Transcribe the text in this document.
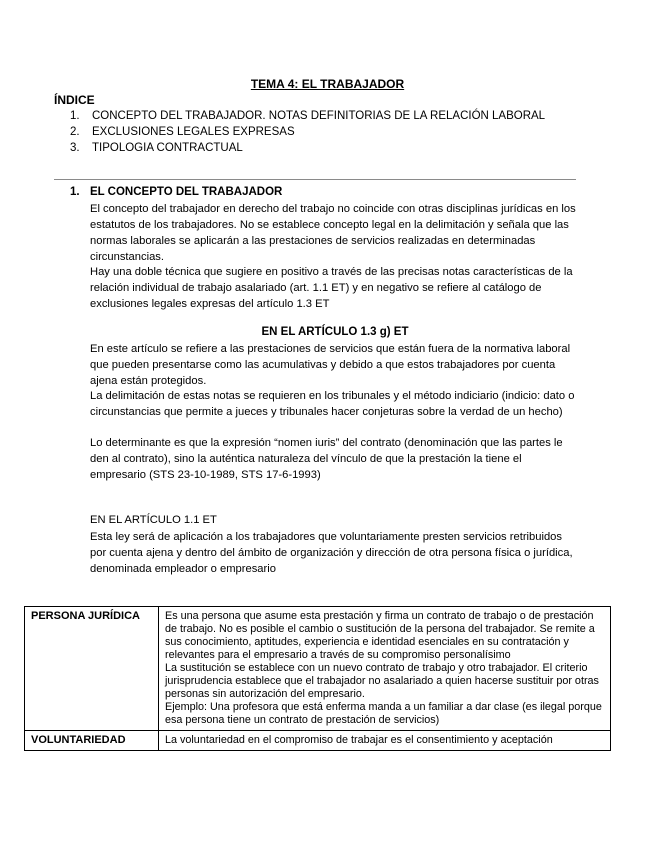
TEMA 4: EL TRABAJADOR
ÍNDICE
1. CONCEPTO DEL TRABAJADOR. NOTAS DEFINITORIAS DE LA RELACIÓN LABORAL
2. EXCLUSIONES LEGALES EXPRESAS
3. TIPOLOGIA CONTRACTUAL
1. EL CONCEPTO DEL TRABAJADOR

El concepto del trabajador en derecho del trabajo no coincide con otras disciplinas jurídicas en los estatutos de los trabajadores. No se establece concepto legal en la delimitación y señala que las normas laborales se aplicarán a las prestaciones de servicios realizadas en determinadas circunstancias.

Hay una doble técnica que sugiere en positivo a través de las precisas notas características de la relación individual de trabajo asalariado (art. 1.1 ET) y en negativo se refiere al catálogo de exclusiones legales expresas del artículo 1.3 ET

EN EL ARTÍCULO 1.3 g) ET

En este artículo se refiere a las prestaciones de servicios que están fuera de la normativa laboral que pueden presentarse como las acumulativas y debido a que estos trabajadores por cuenta ajena están protegidos.

La delimitación de estas notas se requieren en los tribunales y el método indiciario (indicio: dato o circunstancias que permite a jueces y tribunales hacer conjeturas sobre la verdad de un hecho)

Lo determinante es que la expresión “nomen iuris” del contrato (denominación que las partes le den al contrato), sino la auténtica naturaleza del vínculo de que la prestación la tiene el empresario (STS 23-10-1989, STS 17-6-1993)

EN EL ARTÍCULO 1.1 ET

Esta ley será de aplicación a los trabajadores que voluntariamente presten servicios retribuidos por cuenta ajena y dentro del ámbito de organización y dirección de otra persona física o jurídica, denominada empleador o empresario

PERSONA JURÍDICA	Es una persona que asume esta prestación y firma un contrato de trabajo o de prestación de trabajo. No es posible el cambio o sustitución de la persona del trabajador. Se remite a sus conocimiento, aptitudes, experiencia e identidad esenciales en su contratación y relevantes para el empresario a través de su compromiso personalísimo
La sustitución se establece con un nuevo contrato de trabajo y otro trabajador. El criterio jurisprudencia establece que el trabajador no asalariado a quien hacerse sustituir por otras personas sin autorización del empresario.
Ejemplo: Una profesora que está enferma manda a un familiar a dar clase (es ilegal porque esa persona tiene un contrato de prestación de servicios)

VOLUNTARIEDAD	La voluntariedad en el compromiso de trabajar es el consentimiento y aceptación
